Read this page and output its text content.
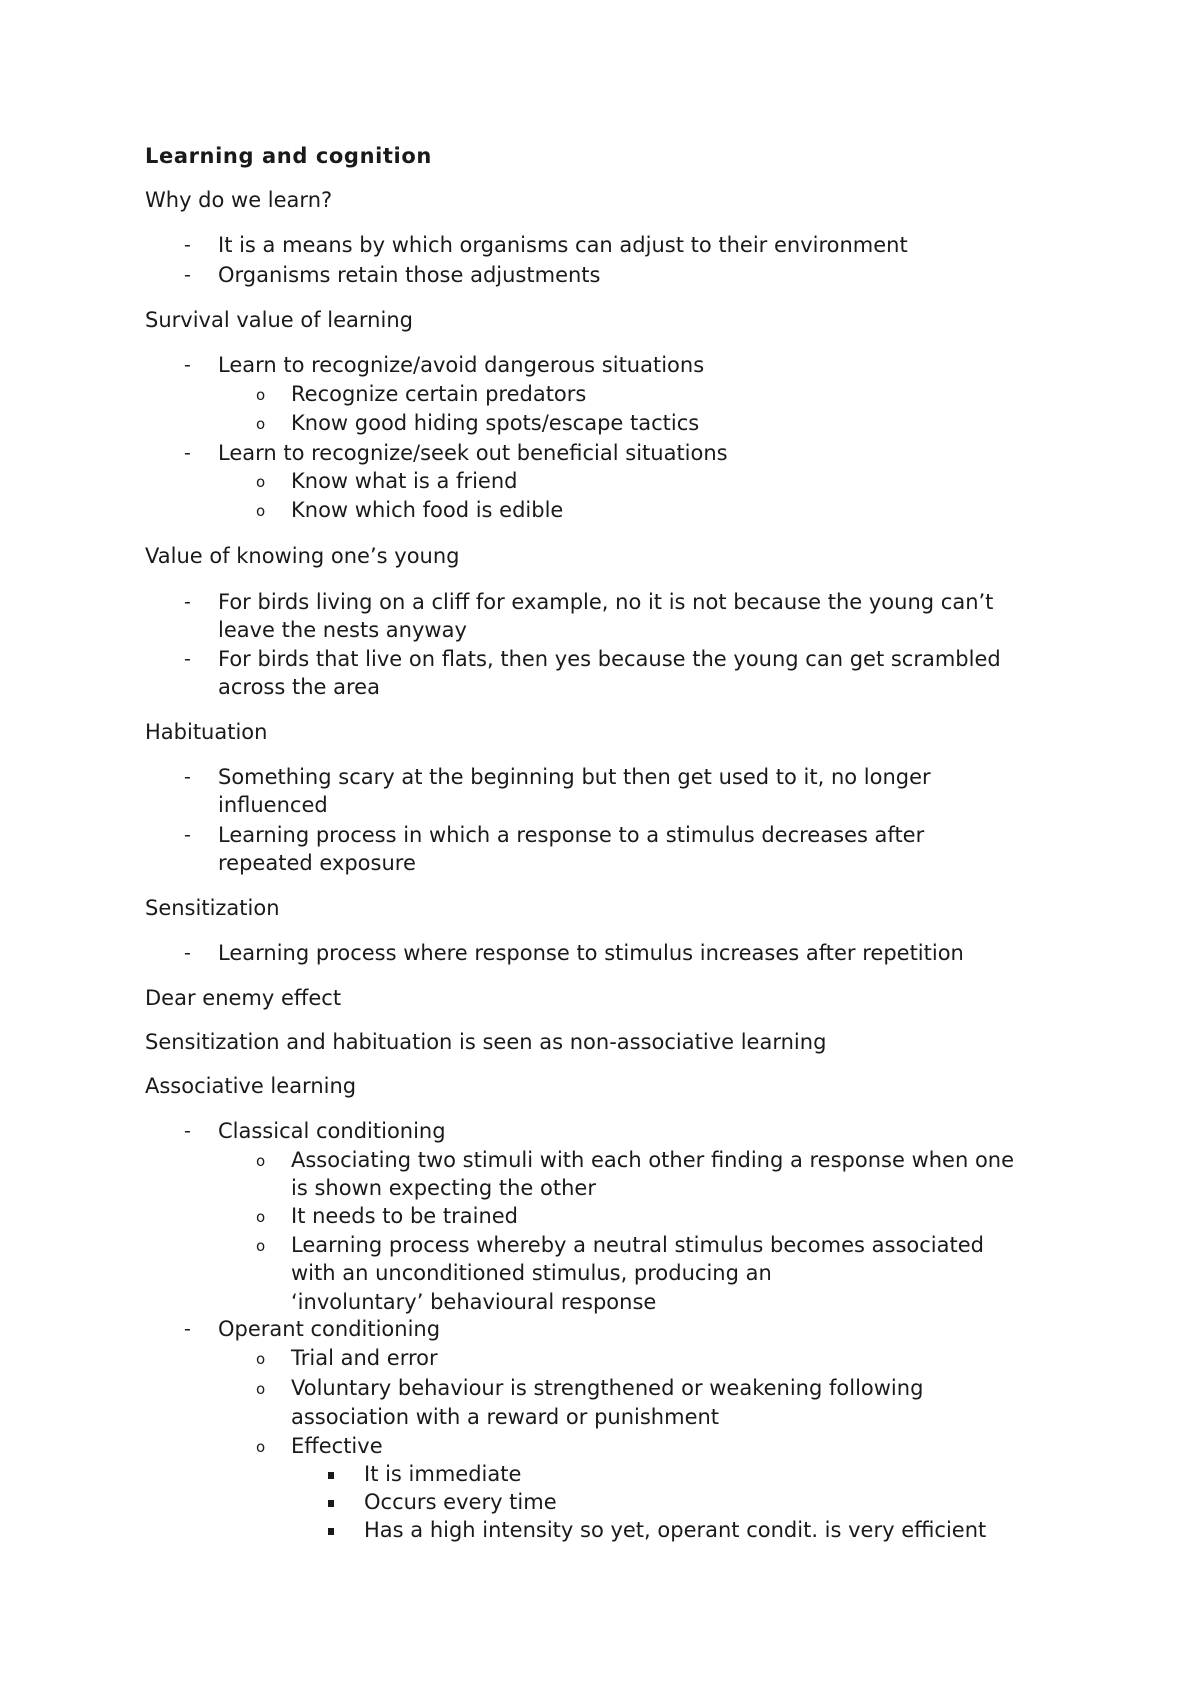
Learning and cognition
Why do we learn?
- It is a means by which organisms can adjust to their environment
- Organisms retain those adjustments
Survival value of learning
- Learn to recognize/avoid dangerous situations
o Recognize certain predators
o Know good hiding spots/escape tactics
- Learn to recognize/seek out beneficial situations
o Know what is a friend
o Know which food is edible
Value of knowing one’s young
- For birds living on a cliff for example, no it is not because the young can’t
leave the nests anyway
- For birds that live on flats, then yes because the young can get scrambled
across the area
Habituation
- Something scary at the beginning but then get used to it, no longer
influenced
- Learning process in which a response to a stimulus decreases after
repeated exposure
Sensitization
- Learning process where response to stimulus increases after repetition
Dear enemy effect
Sensitization and habituation is seen as non-associative learning
Associative learning
- Classical conditioning
o Associating two stimuli with each other finding a response when one
is shown expecting the other
o It needs to be trained
o Learning process whereby a neutral stimulus becomes associated
with an unconditioned stimulus, producing an
‘involuntary’ behavioural response
- Operant conditioning
o Trial and error
o Voluntary behaviour is strengthened or weakening following
association with a reward or punishment
o Effective
It is immediate
Occurs every time
Has a high intensity so yet, operant condit. is very efficient
